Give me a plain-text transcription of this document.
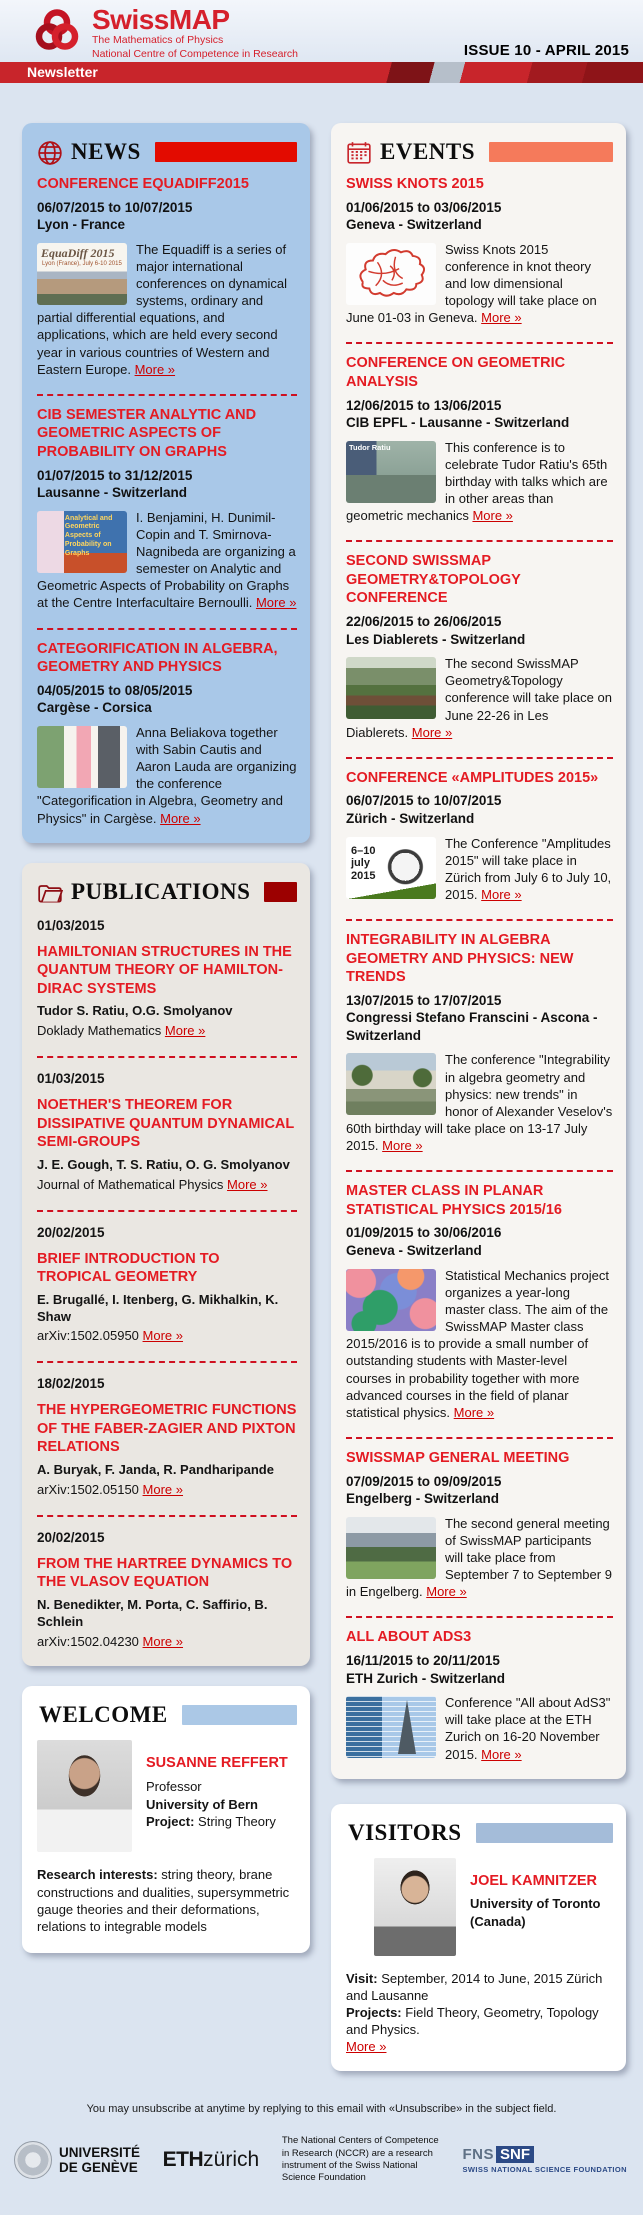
SwissMAP
The Mathematics of Physics
National Centre of Competence in Research	ISSUE 10 - APRIL 2015
Newsletter
NEWS
CONFERENCE EQUADIFF2015
06/07/2015 to 10/07/2015
Lyon - France
EquaDiff 2015
Lyon (France), July 6-10 2015
The Equadiff is a series of major international conferences on dynamical systems, ordinary and partial differential equations, and applications, which are held every second year in various countries of Western and Eastern Europe. More »
CIB SEMESTER ANALYTIC AND GEOMETRIC ASPECTS OF PROBABILITY ON GRAPHS
01/07/2015 to 31/12/2015
Lausanne - Switzerland
Analytical and Geometric Aspects of Probability on Graphs
I. Benjamini, H. Dunimil-Copin and T. Smirnova-Nagnibeda are organizing a semester on Analytic and Geometric Aspects of Probability on Graphs at the Centre Interfacultaire Bernoulli. More »
CATEGORIFICATION IN ALGEBRA, GEOMETRY AND PHYSICS
04/05/2015 to 08/05/2015
Cargèse - Corsica
Anna Beliakova together with Sabin Cautis and Aaron Lauda are organizing the conference "Categorification in Algebra, Geometry and Physics" in Cargèse. More »
PUBLICATIONS
01/03/2015
HAMILTONIAN STRUCTURES IN THE QUANTUM THEORY OF HAMILTON-DIRAC SYSTEMS
Tudor S. Ratiu, O.G. Smolyanov
Doklady Mathematics More »
01/03/2015
NOETHER'S THEOREM FOR DISSIPATIVE QUANTUM DYNAMICAL SEMI-GROUPS
J. E. Gough, T. S. Ratiu, O. G. Smolyanov
Journal of Mathematical Physics More »
20/02/2015
BRIEF INTRODUCTION TO TROPICAL GEOMETRY
E. Brugallé, I. Itenberg, G. Mikhalkin, K. Shaw
arXiv:1502.05950 More »
18/02/2015
THE HYPERGEOMETRIC FUNCTIONS OF THE FABER-ZAGIER AND PIXTON RELATIONS
A. Buryak, F. Janda, R. Pandharipande
arXiv:1502.05150 More »
20/02/2015
FROM THE HARTREE DYNAMICS TO THE VLASOV EQUATION
N. Benedikter, M. Porta, C. Saffirio, B. Schlein
arXiv:1502.04230 More »
WELCOME
SUSANNE REFFERT
Professor
University of Bern
Project: String Theory

Research interests: string theory, brane constructions and dualities, supersymmetric gauge theories and their deformations, relations to integrable models

EVENTS
SWISS KNOTS 2015
01/06/2015 to 03/06/2015
Geneva - Switzerland
Swiss Knots 2015 conference in knot theory and low dimensional topology will take place on June 01-03 in Geneva. More »
CONFERENCE ON GEOMETRIC ANALYSIS
12/06/2015 to 13/06/2015
CIB EPFL - Lausanne - Switzerland
Tudor Ratiu	This conference is to celebrate Tudor Ratiu's 65th birthday with talks which are in other areas than geometric mechanics More »
SECOND SWISSMAP GEOMETRY&TOPOLOGY CONFERENCE
22/06/2015 to 26/06/2015
Les Diablerets - Switzerland
The second SwissMAP Geometry&Topology conference will take place on June 22-26 in Les Diablerets. More »
CONFERENCE «AMPLITUDES 2015»
06/07/2015 to 10/07/2015
Zürich - Switzerland
6–10 july 2015
The Conference "Amplitudes 2015" will take place in Zürich from July 6 to July 10, 2015. More »
INTEGRABILITY IN ALGEBRA GEOMETRY AND PHYSICS: NEW TRENDS
13/07/2015 to 17/07/2015
Congressi Stefano Franscini - Ascona - Switzerland
The conference "Integrability in algebra geometry and physics: new trends" in honor of Alexander Veselov's 60th birthday will take place on 13-17 July 2015. More »
MASTER CLASS IN PLANAR STATISTICAL PHYSICS 2015/16
01/09/2015 to 30/06/2016
Geneva - Switzerland
Statistical Mechanics project organizes a year-long master class. The aim of the SwissMAP Master class 2015/2016 is to provide a small number of outstanding students with Master-level courses in probability together with more advanced courses in the field of planar statistical physics. More »
SWISSMAP GENERAL MEETING
07/09/2015 to 09/09/2015
Engelberg - Switzerland
The second general meeting of SwissMAP participants will take place from September 7 to September 9 in Engelberg. More »
ALL ABOUT ADS3
16/11/2015 to 20/11/2015
ETH Zurich - Switzerland
Conference "All about AdS3" will take place at the ETH Zurich on 16-20 November 2015. More »
VISITORS
JOEL KAMNITZER
University of Toronto (Canada)

Visit: September, 2014 to June, 2015 Zürich and Lausanne
Projects: Field Theory, Geometry, Topology and Physics.
More »

You may unsubscribe at anytime by replying to this email with «Unsubscribe» in the subject field.

UNIVERSITÉ
DE GENÈVE ETHzürich
The National Centers of Competence in Research (NCCR) are a research instrument of the Swiss National Science Foundation
FNS SNF
SWISS NATIONAL SCIENCE FOUNDATION
